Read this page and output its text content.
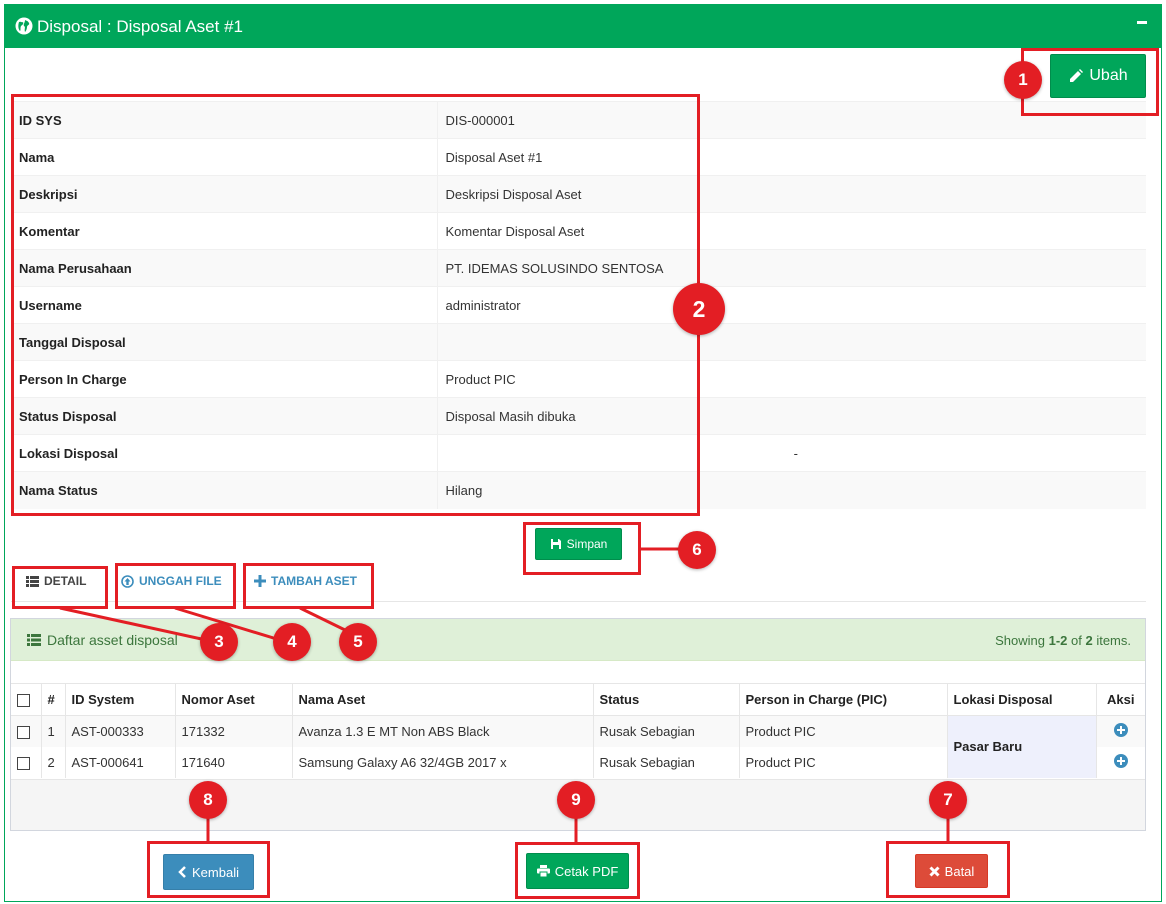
Disposal : Disposal Aset #1
Ubah
ID SYS	DIS-000001
Nama	Disposal Aset #1
Deskripsi	Deskripsi Disposal Aset
Komentar	Komentar Disposal Aset
Nama Perusahaan	PT. IDEMAS SOLUSINDO SENTOSA
Username	administrator
Tanggal Disposal	
Person In Charge	Product PIC
Status Disposal	Disposal Masih dibuka
Lokasi Disposal	-
Nama Status	Hilang
Simpan
DETAIL	UNGGAH FILE	TAMBAH ASET
Daftar asset disposal	Showing 1-2 of 2 items.
	#	ID System	Nomor Aset	Nama Aset	Status	Person in Charge (PIC)	Lokasi Disposal	Aksi
	1	AST-000333	171332	Avanza 1.3 E MT Non ABS Black	Rusak Sebagian	Product PIC	Pasar Baru	
	2	AST-000641	171640	Samsung Galaxy A6 32/4GB 2017 x	Rusak Sebagian	Product PIC		
Kembali	Cetak PDF	Batal
1
2
3	4	5
6
7
8	9
